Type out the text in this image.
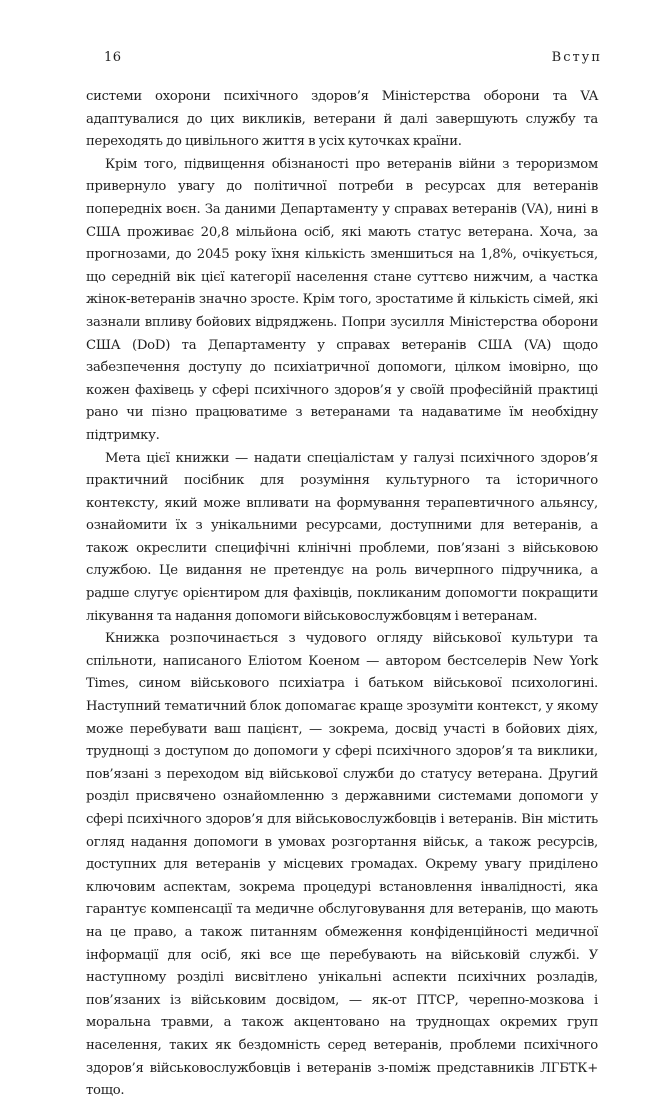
16	Вступ

системи охорони психічного здоров’я Міністерства оборони та VA адаптувалися до цих викликів, ветерани й далі завершують службу та переходять до цивільного життя в усіх куточках країни.

Крім того, підвищення обізнаності про ветеранів війни з тероризмом привернуло увагу до політичної потреби в ресурсах для ветеранів попередніх воєн. За даними Департаменту у справах ветеранів (VA), нині в США проживає 20,8 мільйона осіб, які мають статус ветерана. Хоча, за прогнозами, до 2045 року їхня кількість зменшиться на 1,8%, очікується, що середній вік цієї категорії населення стане суттєво нижчим, а частка жінок-ветеранів значно зросте. Крім того, зростатиме й кількість сімей, які зазнали впливу бойових відряджень. Попри зусилля Міністерства оборони США (DoD) та Департаменту у справах ветеранів США (VA) щодо забезпечення доступу до психіатричної допомоги, цілком імовірно, що кожен фахівець у сфері психічного здоров’я у своїй професійній практиці рано чи пізно працюватиме з ветеранами та надаватиме їм необхідну підтримку.

Мета цієї книжки — надати спеціалістам у галузі психічного здоров’я практичний посібник для розуміння культурного та історичного контексту, який може впливати на формування терапевтичного альянсу, ознайомити їх з унікальними ресурсами, доступними для ветеранів, а також окреслити специфічні клінічні проблеми, пов’язані з військовою службою. Це видання не претендує на роль вичерпного підручника, а радше слугує орієнтиром для фахівців, покликаним допомогти покращити лікування та надання допомоги військовослужбовцям і ветеранам.

Книжка розпочинається з чудового огляду військової культури та спільноти, написаного Еліотом Коеном — автором бестселерів New York Times, сином військового психіатра і батьком військової психологині. Наступний тематичний блок допомагає краще зрозуміти контекст, у якому може перебувати ваш пацієнт, — зокрема, досвід участі в бойових діях, труднощі з доступом до допомоги у сфері психічного здоров’я та виклики, пов’язані з переходом від військової служби до статусу ветерана. Другий розділ присвячено ознайомленню з державними системами допомоги у сфері психічного здоров’я для військовослужбовців і ветеранів. Він містить огляд надання допомоги в умовах розгортання військ, а також ресурсів, доступних для ветеранів у місцевих громадах. Окрему увагу приділено ключовим аспектам, зокрема процедурі встановлення інвалідності, яка гарантує компенсації та медичне обслуговування для ветеранів, що мають на це право, а також питанням обмеження конфіденційності медичної інформації для осіб, які все ще перебувають на військовій службі. У наступному розділі висвітлено унікальні аспекти психічних розладів, пов’язаних із військовим досвідом, — як-от ПТСР, черепно-мозкова і моральна травми, а також акцентовано на труднощах окремих груп населення, таких як бездомність серед ветеранів, проблеми психічного здоров’я військовослужбовців і ветеранів з-поміж представників ЛГБТК+ тощо.
